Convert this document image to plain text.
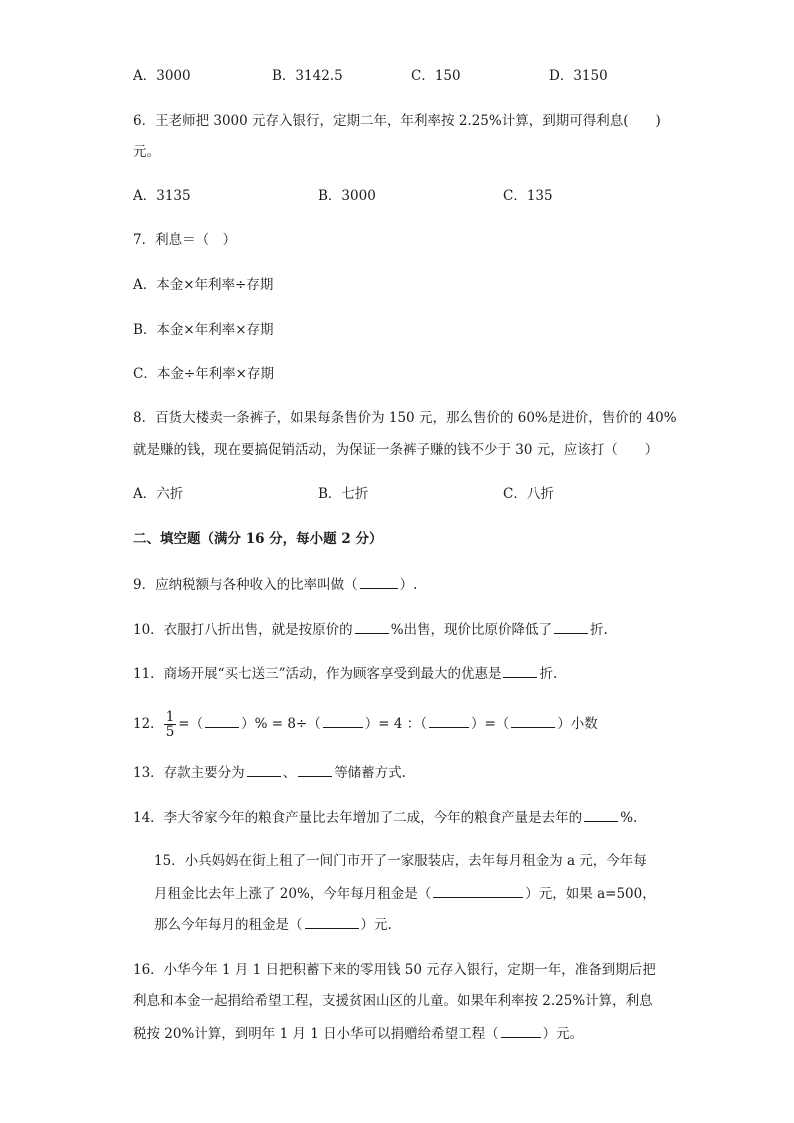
A．3000	B．3142.5	C．150	D．3150
6．王老师把 3000 元存入银行，定期二年，年利率按 2.25%计算，到期可得利息(　　)
元。
A．3135	B．3000	C．135
7．利息＝（　）
A．本金×年利率÷存期
B．本金×年利率×存期
C．本金÷年利率×存期
8．百货大楼卖一条裤子，如果每条售价为 150 元，那么售价的 60%是进价，售价的 40%
就是赚的钱，现在要搞促销活动，为保证一条裤子赚的钱不少于 30 元，应该打（　　）
A．六折	B．七折	C．八折
二、填空题（满分 16 分，每小题 2 分）
9．应纳税额与各种收入的比率叫做（	）.
10．衣服打八折出售，就是按原价的	%出售，现价比原价降低了	折.
11．商场开展“买七送三”活动，作为顾客享受到最大的优惠是	折.
12． $\frac{1}{5}$ =（	）% = 8÷（	）= 4 ：（	）=（	）小数
13．存款主要分为	、	等储蓄方式.
14．李大爷家今年的粮食产量比去年增加了二成，今年的粮食产量是去年的	%.
15．小兵妈妈在街上租了一间门市开了一家服装店，去年每月租金为 a 元，今年每
月租金比去年上涨了 20%，今年每月租金是（	）元，如果 a=500，
那么今年每月的租金是（	）元.
16．小华今年 1 月 1 日把积蓄下来的零用钱 50 元存入银行，定期一年，准备到期后把
利息和本金一起捐给希望工程，支援贫困山区的儿童。如果年利率按 2.25%计算，利息
税按 20%计算，到明年 1 月 1 日小华可以捐赠给希望工程（	）元。
